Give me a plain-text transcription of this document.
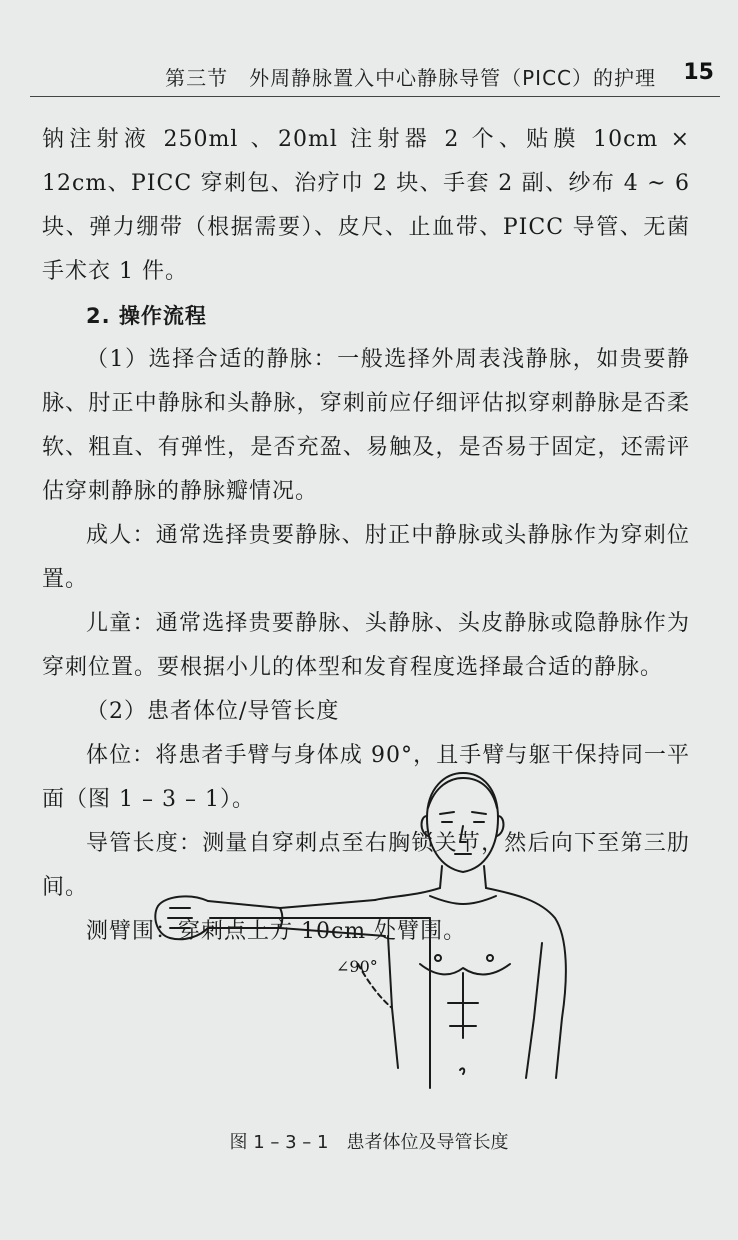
第三节　外周静脉置入中心静脉导管（PICC）的护理 15

钠注射液 250ml 、20ml 注射器 2 个、贴膜 10cm × 12cm、PICC 穿刺包、治疗巾 2 块、手套 2 副、纱布 4 ~ 6 块、弹力绷带（根据需要）、皮尺、止血带、PICC 导管、无菌手术衣 1 件。

2. 操作流程

（1）选择合适的静脉：一般选择外周表浅静脉，如贵要静脉、肘正中静脉和头静脉，穿刺前应仔细评估拟穿刺静脉是否柔软、粗直、有弹性，是否充盈、易触及，是否易于固定，还需评估穿刺静脉的静脉瓣情况。

成人：通常选择贵要静脉、肘正中静脉或头静脉作为穿刺位置。

儿童：通常选择贵要静脉、头静脉、头皮静脉或隐静脉作为穿刺位置。要根据小儿的体型和发育程度选择最合适的静脉。

（2）患者体位/导管长度

体位：将患者手臂与身体成 90°，且手臂与躯干保持同一平面（图 1 – 3 – 1）。

导管长度：测量自穿刺点至右胸锁关节，然后向下至第三肋间。

测臂围：穿刺点上方 10cm 处臂围。

∠90°
图 1 – 3 – 1　患者体位及导管长度
